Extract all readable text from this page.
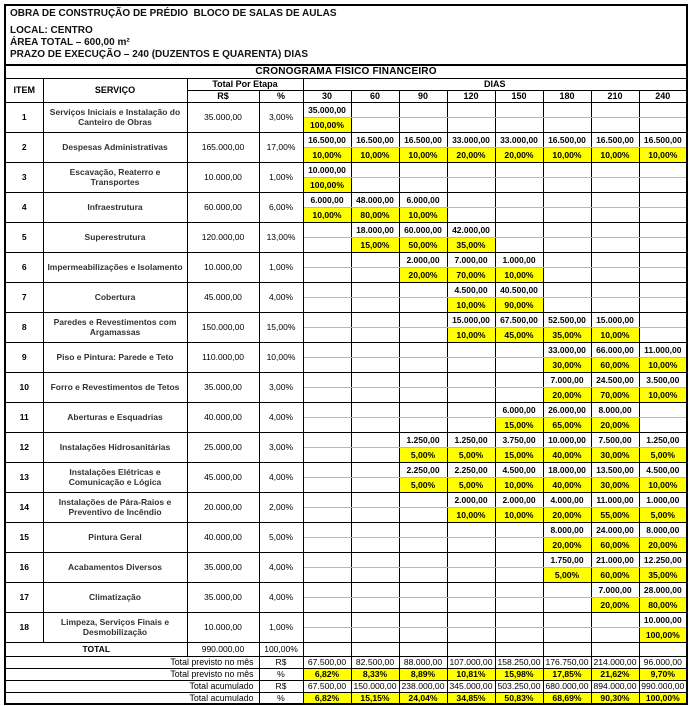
OBRA DE CONSTRUÇÃO DE PRÉDIO  BLOCO DE SALAS DE AULAS
LOCAL: CENTRO
ÁREA TOTAL – 600,00 m²
PRAZO DE EXECUÇÃO – 240 (DUZENTOS E QUARENTA) DIAS
CRONOGRAMA FÍSICO FINANCEIRO											
ITEM	SERVIÇO	Total Por Etapa		DIAS							
		R$	%	30	60	90	120	150	180	210	240
1	Serviços Iniciais e Instalação do Canteiro de Obras	35.000,00	3,00%	35.000,00							
				100,00%							
2	Despesas Administrativas	165.000,00	17,00%	16.500,00	16.500,00	16.500,00	33.000,00	33.000,00	16.500,00	16.500,00	16.500,00
				10,00%	10,00%	10,00%	20,00%	20,00%	10,00%	10,00%	10,00%
3	Escavação, Reaterro e Transportes	10.000,00	1,00%	10.000,00							
				100,00%							
4	Infraestrutura	60.000,00	6,00%	6.000,00	48.000,00	6.000,00					
				10,00%	80,00%	10,00%					
5	Superestrutura	120.000,00	13,00%		18.000,00	60.000,00	42.000,00				
					15,00%	50,00%	35,00%				
6	Impermeabilizações e Isolamento	10.000,00	1,00%			2.000,00	7.000,00	1.000,00			
						20,00%	70,00%	10,00%			
7	Cobertura	45.000,00	4,00%				4.500,00	40.500,00			
							10,00%	90,00%			
8	Paredes e Revestimentos com Argamassas	150.000,00	15,00%				15.000,00	67.500,00	52.500,00	15.000,00	
							10,00%	45,00%	35,00%	10,00%	
9	Piso e Pintura: Parede e Teto	110.000,00	10,00%						33.000,00	66.000,00	11.000,00
									30,00%	60,00%	10,00%
10	Forro e Revestimentos de Tetos	35.000,00	3,00%						7.000,00	24.500,00	3.500,00
									20,00%	70,00%	10,00%
11	Aberturas e Esquadrias	40.000,00	4,00%					6.000,00	26.000,00	8.000,00	
								15,00%	65,00%	20,00%	
12	Instalações Hidrosanitárias	25.000,00	3,00%			1.250,00	1.250,00	3.750,00	10.000,00	7.500,00	1.250,00
						5,00%	5,00%	15,00%	40,00%	30,00%	5,00%
13	Instalações Elétricas e Comunicação e Lógica	45.000,00	4,00%			2.250,00	2.250,00	4.500,00	18.000,00	13.500,00	4.500,00
						5,00%	5,00%	10,00%	40,00%	30,00%	10,00%
14	Instalações de Pára-Raios e Preventivo de Incêndio	20.000,00	2,00%				2.000,00	2.000,00	4.000,00	11.000,00	1.000,00
							10,00%	10,00%	20,00%	55,00%	5,00%
15	Pintura Geral	40.000,00	5,00%						8.000,00	24.000,00	8.000,00
									20,00%	60,00%	20,00%
16	Acabamentos Diversos	35.000,00	4,00%						1.750,00	21.000,00	12.250,00
									5,00%	60,00%	35,00%
17	Climatização	35.000,00	4,00%							7.000,00	28.000,00
										20,00%	80,00%
18	Limpeza, Serviços Finais e Desmobilização	10.000,00	1,00%								10.000,00
											100,00%
TOTAL		990.000,00	100,00%								
Total previsto no mês			R$	67.500,00	82.500,00	88.000,00	107.000,00	158.250,00	176.750,00	214.000,00	96.000,00
Total previsto no mês			%	6,82%	8,33%	8,89%	10,81%	15,98%	17,85%	21,62%	9,70%
Total acumulado			R$	67.500,00	150.000,00	238.000,00	345.000,00	503.250,00	680.000,00	894.000,00	990.000,00
Total acumulado			%	6,82%	15,15%	24,04%	34,85%	50,83%	68,69%	90,30%	100,00%
